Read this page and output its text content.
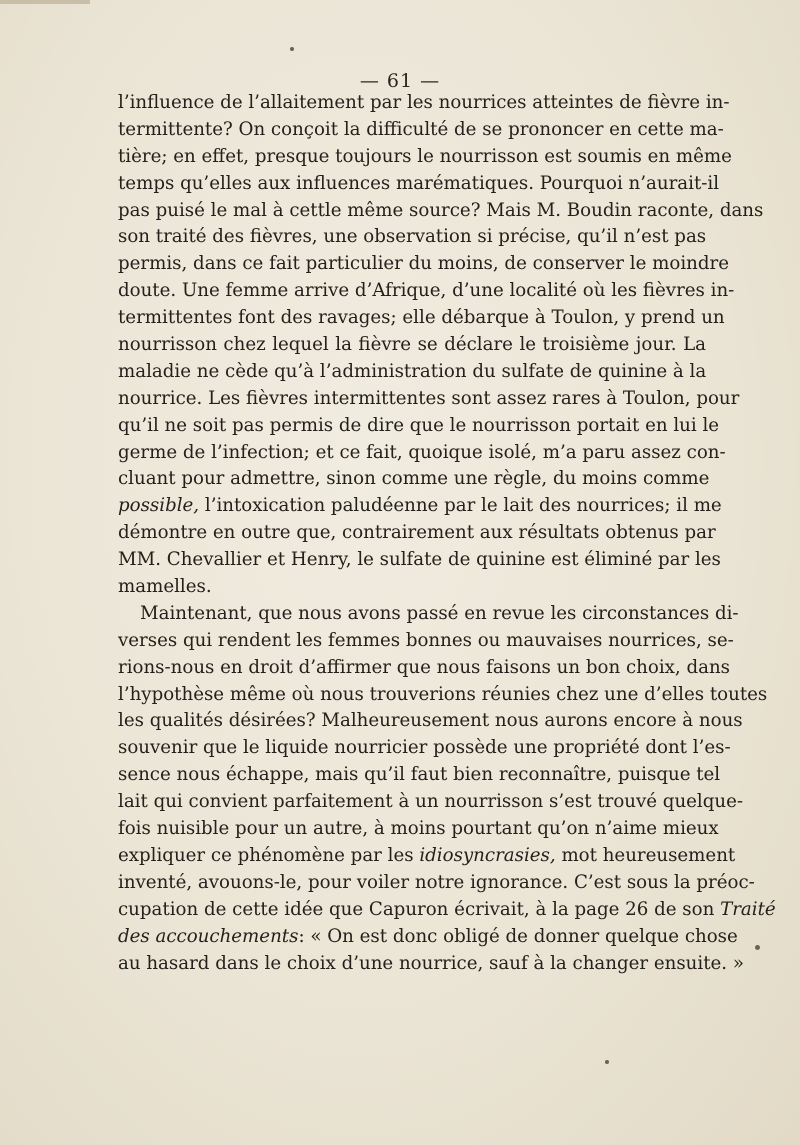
— 61 —
l’influence de l’allaitement par les nourrices atteintes de fièvre in-
termittente? On conçoit la difficulté de se prononcer en cette ma-
tière; en effet, presque toujours le nourrisson est soumis en même
temps qu’elles aux influences marématiques. Pourquoi n’aurait-il
pas puisé le mal à cettle même source? Mais M. Boudin raconte, dans
son traité des fièvres, une observation si précise, qu’il n’est pas
permis, dans ce fait particulier du moins, de conserver le moindre
doute. Une femme arrive d’Afrique, d’une localité où les fièvres in-
termittentes font des ravages; elle débarque à Toulon, y prend un
nourrisson chez lequel la fièvre se déclare le troisième jour. La
maladie ne cède qu’à l’administration du sulfate de quinine à la
nourrice. Les fièvres intermittentes sont assez rares à Toulon, pour
qu’il ne soit pas permis de dire que le nourrisson portait en lui le
germe de l’infection; et ce fait, quoique isolé, m’a paru assez con-
cluant pour admettre, sinon comme une règle, du moins comme
possible, l’intoxication paludéenne par le lait des nourrices; il me
démontre en outre que, contrairement aux résultats obtenus par
MM. Chevallier et Henry, le sulfate de quinine est éliminé par les
mamelles.
Maintenant, que nous avons passé en revue les circonstances di-
verses qui rendent les femmes bonnes ou mauvaises nourrices, se-
rions-nous en droit d’affirmer que nous faisons un bon choix, dans
l’hypothèse même où nous trouverions réunies chez une d’elles toutes
les qualités désirées? Malheureusement nous aurons encore à nous
souvenir que le liquide nourricier possède une propriété dont l’es-
sence nous échappe, mais qu’il faut bien reconnaître, puisque tel
lait qui convient parfaitement à un nourrisson s’est trouvé quelque-
fois nuisible pour un autre, à moins pourtant qu’on n’aime mieux
expliquer ce phénomène par les idiosyncrasies, mot heureusement
inventé, avouons-le, pour voiler notre ignorance. C’est sous la préoc-
cupation de cette idée que Capuron écrivait, à la page 26 de son Traité
des accouchements: « On est donc obligé de donner quelque chose
au hasard dans le choix d’une nourrice, sauf à la changer ensuite. »
